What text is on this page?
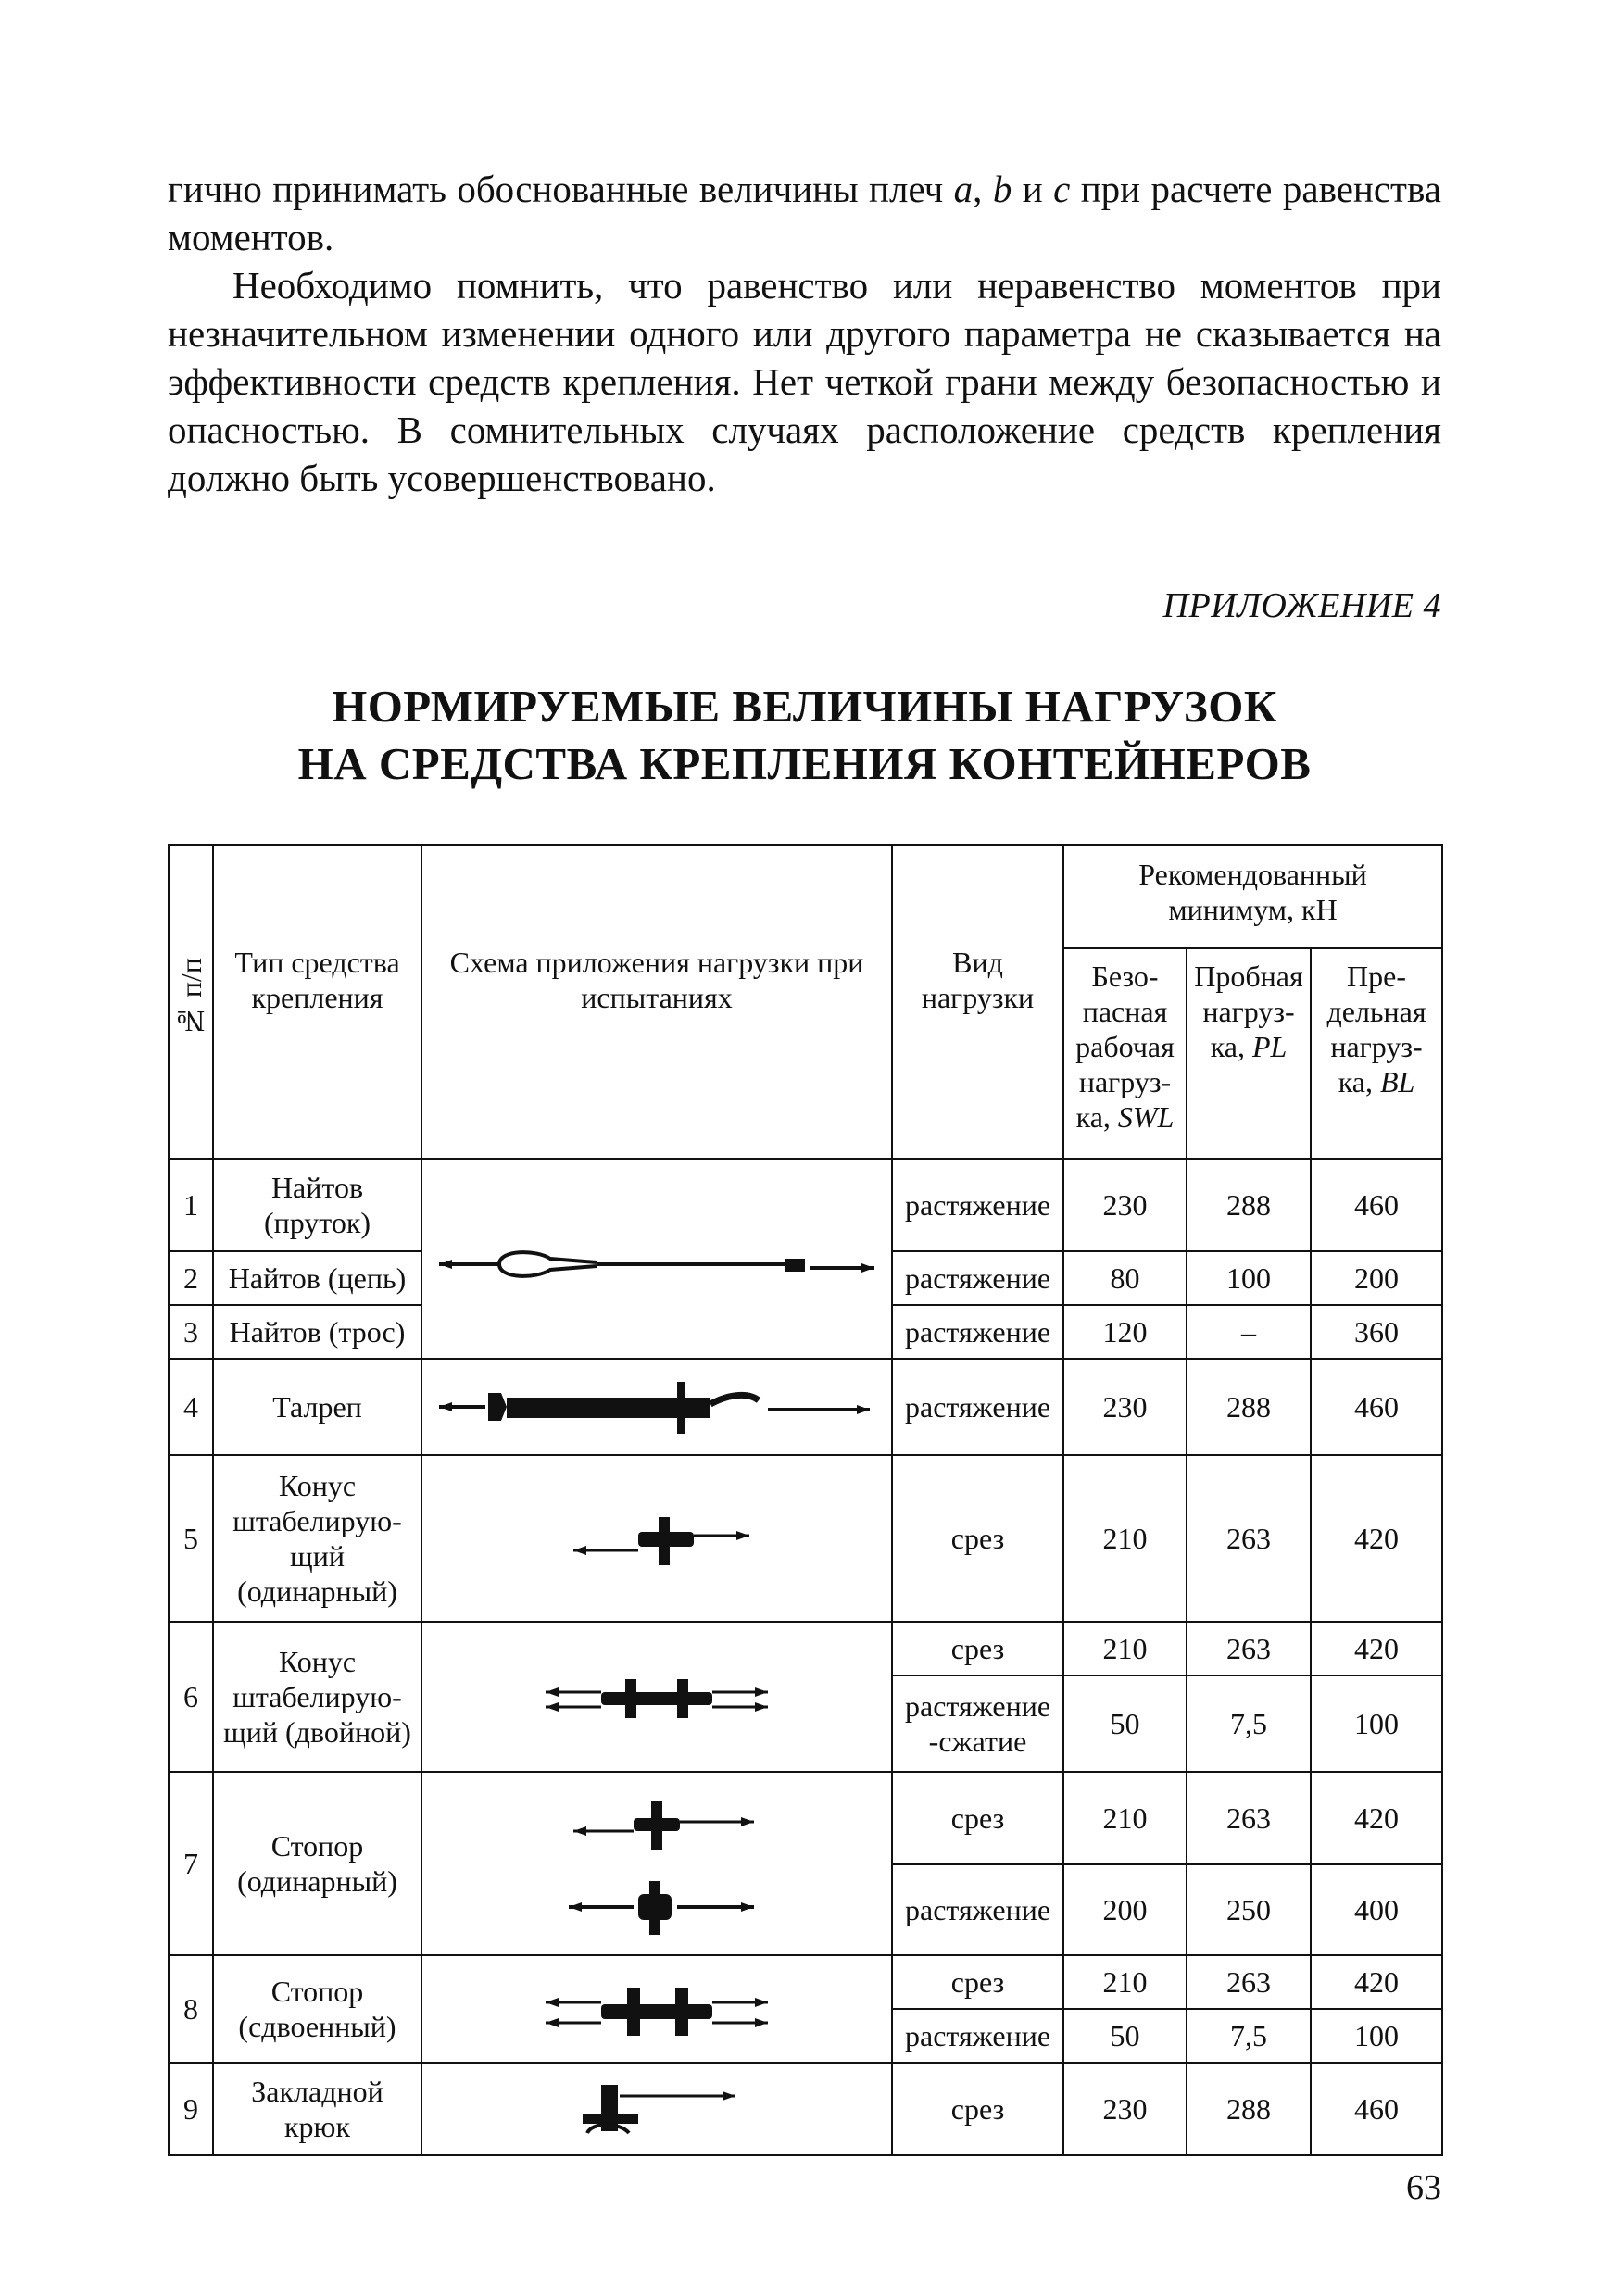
гично принимать обоснованные величины плеч a, b и c при расчете равенства моментов.

Необходимо помнить, что равенство или неравенство моментов при незначительном изменении одного или другого параметра не сказывается на эффективности средств крепления. Нет четкой грани между безопасностью и опасностью. В сомнительных случаях расположение средств крепления должно быть усовершенствовано.

ПРИЛОЖЕНИЕ 4
НОРМИРУЕМЫЕ ВЕЛИЧИНЫ НАГРУЗОК
НА СРЕДСТВА КРЕПЛЕНИЯ КОНТЕЙНЕРОВ
№ п/п	Тип средства крепления	Схема приложения нагрузки при испытаниях	Вид нагрузки	Рекомендованный минимум, кН		
				Безо-пасная рабочая нагруз-ка, SWL	Пробная нагруз-ка, PL	Пре-дельная нагруз-ка, BL
1	Найтов (пруток)		растяжение	230	288	460
2	Найтов (цепь)		растяжение	80	100	200
3	Найтов (трос)		растяжение	120	–	360
4	Талреп		растяжение	230	288	460
5	Конус штабелирую-щий (одинарный)		срез	210	263	420
6	Конус штабелирую-щий (двойной)		срез	210	263	420
			растяжение -сжатие	50	7,5	100
7	Стопор (одинарный)		срез	210	263	420
			растяжение	200	250	400
8	Стопор (сдвоенный)		срез	210	263	420
			растяжение	50	7,5	100
9	Закладной крюк		срез	230	288	460
63
